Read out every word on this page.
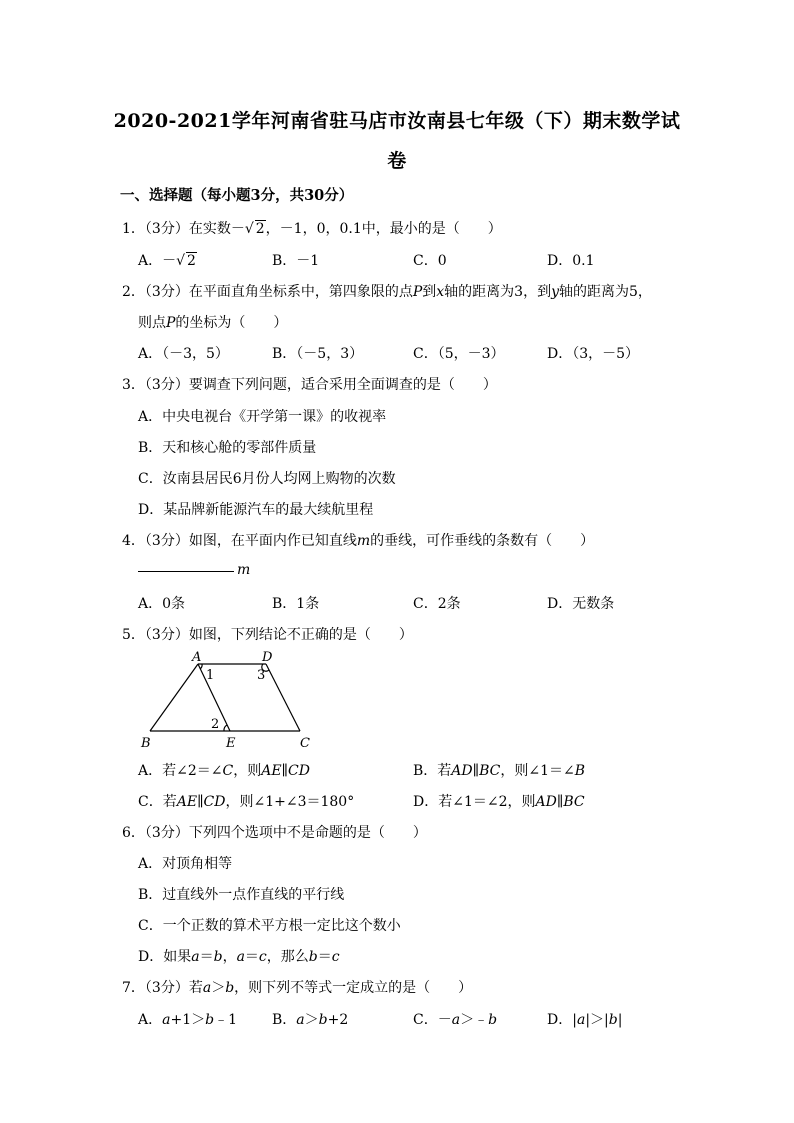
2020-2021学年河南省驻马店市汝南县七年级（下）期末数学试
卷
一、选择题（每小题3分，共30分）
1．（3分）在实数－√ 2，－1，0，0.1中，最小的是（　　）
A．－√ 2	B．－1	C．0	D．0.1
2．（3分）在平面直角坐标系中，第四象限的点P到x轴的距离为3，到y轴的距离为5，
则点P的坐标为（　　）
A．（－3，5）	B．（－5，3）	C．（5，－3）	D．（3，－5）
3．（3分）要调查下列问题，适合采用全面调查的是（　　）
A．中央电视台《开学第一课》的收视率
B．天和核心舱的零部件质量
C．汝南县居民6月份人均网上购物的次数
D．某品牌新能源汽车的最大续航里程
4．（3分）如图，在平面内作已知直线m的垂线，可作垂线的条数有（　　）
m
A．0条	B．1条	C．2条	D．无数条
5．（3分）如图，下列结论不正确的是（　　）
A	D
B	E	C
1	3
2
A．若∠2＝∠C，则AE∥CD	B．若AD∥BC，则∠1＝∠B
C．若AE∥CD，则∠1+∠3＝180°	D．若∠1＝∠2，则AD∥BC
6．（3分）下列四个选项中不是命题的是（　　）
A．对顶角相等
B．过直线外一点作直线的平行线
C．一个正数的算术平方根一定比这个数小
D．如果a＝b，a＝c，那么b＝c
7．（3分）若a＞b，则下列不等式一定成立的是（　　）
A．a+1＞b﹣1 B．a＞b+2	C．－a＞﹣b	D．|a|＞|b|
